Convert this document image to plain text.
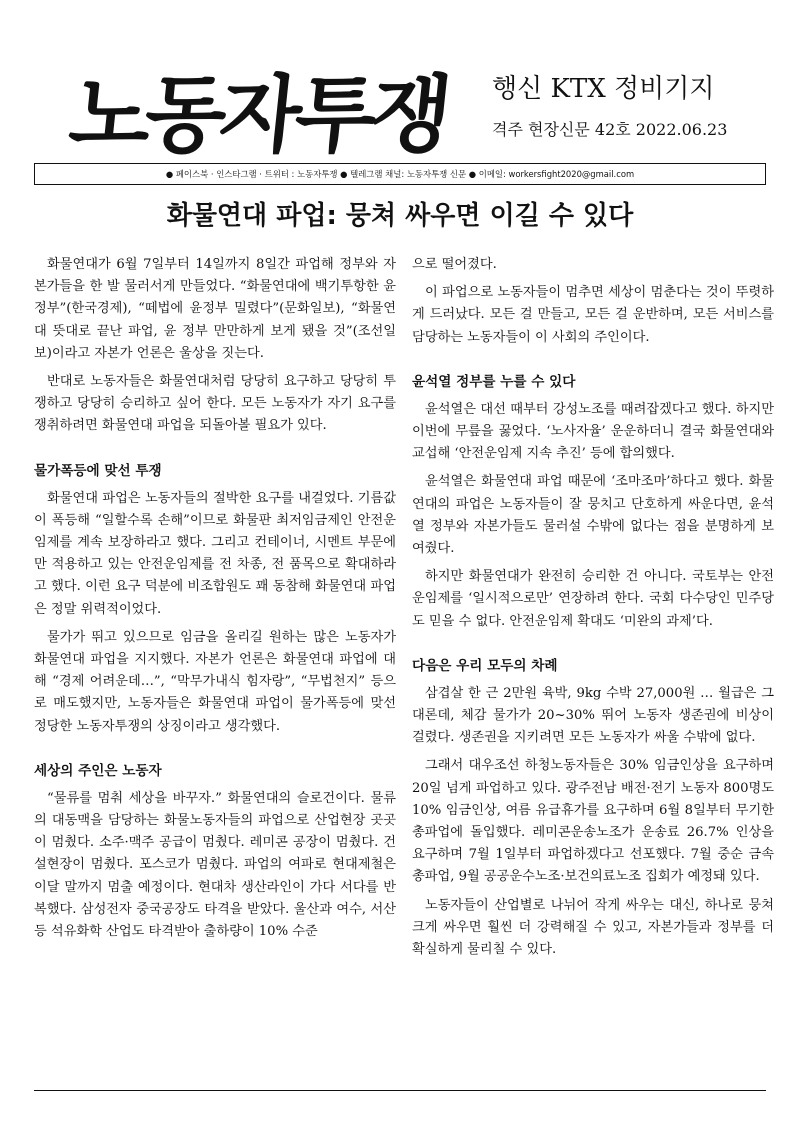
노동자투쟁 행신 KTX 정비기지
격주 현장신문 42호 2022.06.23
● 페이스북 · 인스타그램 · 트위터 : 노동자투쟁 ● 텔레그램 채널: 노동자투쟁 신문 ● 이메일: workersfight2020@gmail.com
화물연대 파업: 뭉쳐 싸우면 이길 수 있다

화물연대가 6월 7일부터 14일까지 8일간 파업해 정부와 자본가들을 한 발 물러서게 만들었다. “화물연대에 백기투항한 윤 정부”(한국경제), “떼법에 윤정부 밀렸다”(문화일보), “화물연대 뜻대로 끝난 파업, 윤 정부 만만하게 보게 됐을 것”(조선일보)이라고 자본가 언론은 울상을 짓는다.

반대로 노동자들은 화물연대처럼 당당히 요구하고 당당히 투쟁하고 당당히 승리하고 싶어 한다. 모든 노동자가 자기 요구를 쟁취하려면 화물연대 파업을 되돌아볼 필요가 있다.

물가폭등에 맞선 투쟁

화물연대 파업은 노동자들의 절박한 요구를 내걸었다. 기름값이 폭등해 “일할수록 손해”이므로 화물판 최저임금제인 안전운임제를 계속 보장하라고 했다. 그리고 컨테이너, 시멘트 부문에만 적용하고 있는 안전운임제를 전 차종, 전 품목으로 확대하라고 했다. 이런 요구 덕분에 비조합원도 꽤 동참해 화물연대 파업은 정말 위력적이었다.

물가가 뛰고 있으므로 임금을 올리길 원하는 많은 노동자가 화물연대 파업을 지지했다. 자본가 언론은 화물연대 파업에 대해 “경제 어려운데…”, “막무가내식 힘자랑”, “무법천지” 등으로 매도했지만, 노동자들은 화물연대 파업이 물가폭등에 맞선 정당한 노동자투쟁의 상징이라고 생각했다.

세상의 주인은 노동자

“물류를 멈춰 세상을 바꾸자.” 화물연대의 슬로건이다. 물류의 대동맥을 담당하는 화물노동자들의 파업으로 산업현장 곳곳이 멈췄다. 소주·맥주 공급이 멈췄다. 레미콘 공장이 멈췄다. 건설현장이 멈췄다. 포스코가 멈췄다. 파업의 여파로 현대제철은 이달 말까지 멈출 예정이다. 현대차 생산라인이 가다 서다를 반복했다. 삼성전자 중국공장도 타격을 받았다. 울산과 여수, 서산 등 석유화학 산업도 타격받아 출하량이 10% 수준

으로 떨어졌다.

이 파업으로 노동자들이 멈추면 세상이 멈춘다는 것이 뚜렷하게 드러났다. 모든 걸 만들고, 모든 걸 운반하며, 모든 서비스를 담당하는 노동자들이 이 사회의 주인이다.

윤석열 정부를 누를 수 있다

윤석열은 대선 때부터 강성노조를 때려잡겠다고 했다. 하지만 이번에 무릎을 꿇었다. ‘노사자율’ 운운하더니 결국 화물연대와 교섭해 ‘안전운임제 지속 추진’ 등에 합의했다.

윤석열은 화물연대 파업 때문에 ‘조마조마’하다고 했다. 화물연대의 파업은 노동자들이 잘 뭉치고 단호하게 싸운다면, 윤석열 정부와 자본가들도 물러설 수밖에 없다는 점을 분명하게 보여줬다.

하지만 화물연대가 완전히 승리한 건 아니다. 국토부는 안전운임제를 ‘일시적으로만’ 연장하려 한다. 국회 다수당인 민주당도 믿을 수 없다. 안전운임제 확대도 ‘미완의 과제’다.

다음은 우리 모두의 차례

삼겹살 한 근 2만원 육박, 9kg 수박 27,000원 … 월급은 그대론데, 체감 물가가 20~30% 뛰어 노동자 생존권에 비상이 걸렸다. 생존권을 지키려면 모든 노동자가 싸울 수밖에 없다.

그래서 대우조선 하청노동자들은 30% 임금인상을 요구하며 20일 넘게 파업하고 있다. 광주전남 배전·전기 노동자 800명도 10% 임금인상, 여름 유급휴가를 요구하며 6월 8일부터 무기한 총파업에 돌입했다. 레미콘운송노조가 운송료 26.7% 인상을 요구하며 7월 1일부터 파업하겠다고 선포했다. 7월 중순 금속 총파업, 9월 공공운수노조·보건의료노조 집회가 예정돼 있다.

노동자들이 산업별로 나뉘어 작게 싸우는 대신, 하나로 뭉쳐 크게 싸우면 훨씬 더 강력해질 수 있고, 자본가들과 정부를 더 확실하게 물리칠 수 있다.
